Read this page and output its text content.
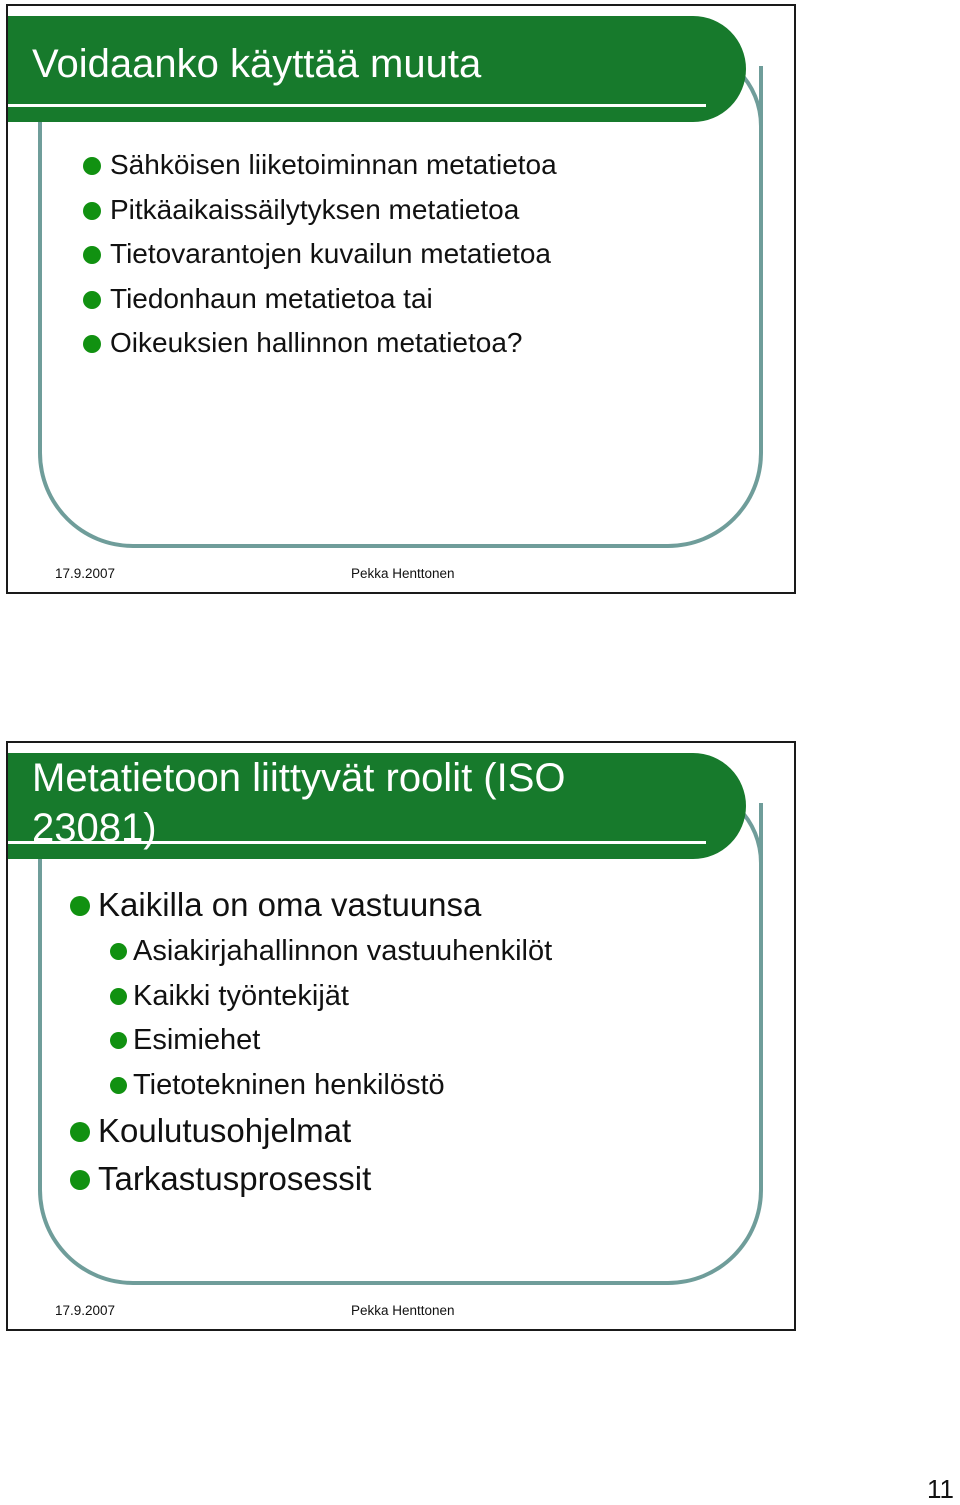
Voidaanko käyttää muuta
Sähköisen liiketoiminnan metatietoa
Pitkäaikaissäilytyksen metatietoa
Tietovarantojen kuvailun metatietoa
Tiedonhaun metatietoa tai
Oikeuksien hallinnon metatietoa?
17.9.2007	Pekka Henttonen
Metatietoon liittyvät roolit (ISO 23081)
Kaikilla on oma vastuunsa
Asiakirjahallinnon vastuuhenkilöt
Kaikki työntekijät
Esimiehet
Tietotekninen henkilöstö
Koulutusohjelmat
Tarkastusprosessit
17.9.2007	Pekka Henttonen
11
